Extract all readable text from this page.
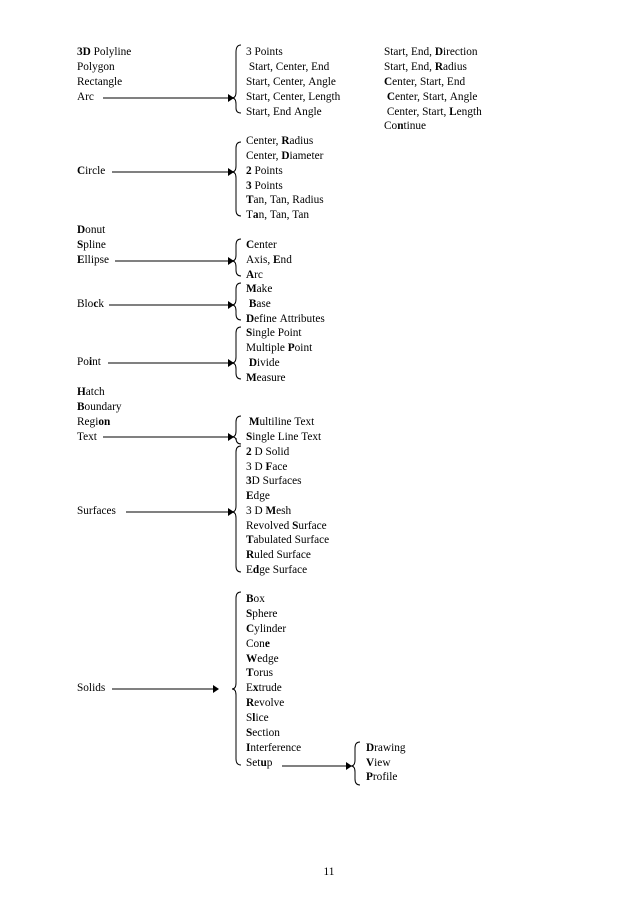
3D Polyline
Polygon
Rectangle
Arc
Circle
Donut
Spline
Ellipse
Block
Point
Hatch
Boundary
Region
Text
Surfaces
Solids
3 Points
Start, Center, End
Start, Center, Angle
Start, Center, Length
Start, End Angle
Center, Radius
Center, Diameter
2 Points
3 Points
Tan, Tan, Radius
Tan, Tan, Tan
Center
Axis, End
Arc
Make
Base
Define Attributes
Single Point
Multiple Point
Divide
Measure
Multiline Text
Single Line Text
2 D Solid
3 D Face
3D Surfaces
Edge
3 D Mesh
Revolved Surface
Tabulated Surface
Ruled Surface
Edge Surface
Box
Sphere
Cylinder
Cone
Wedge
Torus
Extrude
Revolve
Slice
Section
Interference
Setup
Start, End, Direction
Start, End, Radius
Center, Start, End
Center, Start, Angle
Center, Start, Length
Continue
Drawing
View
Profile
11
